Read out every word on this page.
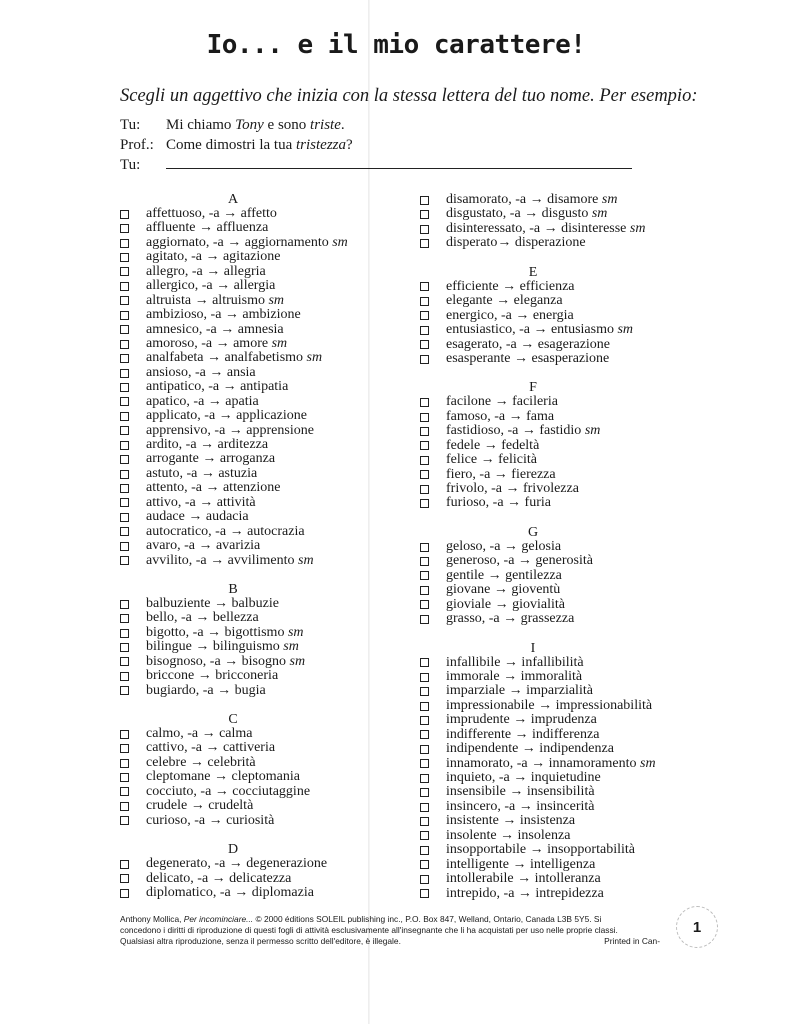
Io... e il mio carattere!
Scegli un aggettivo che inizia con la stessa lettera del tuo nome. Per esempio:
Tu:	Mi chiamo Tony e sono triste.
Prof.: Come dimostri la tua tristezza?
Tu:
A
affettuoso, -a → affetto
affluente → affluenza
aggiornato, -a → aggiornamento
sm
agitato, -a → agitazione
allegro, -a → allegria
allergico, -a → allergia
altruista → altruismo
sm
ambizioso, -a → ambizione
amnesico, -a → amnesia
amoroso, -a → amore
sm
analfabeta → analfabetismo
sm
ansioso, -a → ansia
antipatico, -a → antipatia
apatico, -a → apatia
applicato, -a → applicazione
apprensivo, -a → apprensione
ardito, -a → arditezza
arrogante → arroganza
astuto, -a → astuzia
attento, -a → attenzione
attivo, -a → attività
audace → audacia
autocratico, -a → autocrazia
avaro, -a → avarizia
avvilito, -a → avvilimento
sm
B
balbuziente → balbuzie
bello, -a → bellezza
bigotto, -a → bigottismo
sm
bilingue → bilinguismo
sm
bisognoso, -a → bisogno
sm
briccone → bricconeria
bugiardo, -a → bugia
C
calmo, -a → calma
cattivo, -a → cattiveria
celebre → celebrità
cleptomane → cleptomania
cocciuto, -a → cocciutaggine
crudele → crudeltà
curioso, -a → curiosità
D
degenerato, -a → degenerazione
delicato, -a → delicatezza
diplomatico, -a → diplomazia
disamorato, -a → disamore
sm
disgustato, -a → disgusto
sm
disinteressato, -a → disinteresse
sm
disperato→ disperazione
E
efficiente → efficienza
elegante → eleganza
energico, -a → energia
entusiastico, -a → entusiasmo
sm
esagerato, -a → esagerazione
esasperante → esasperazione
F
facilone → facileria
famoso, -a → fama
fastidioso, -a → fastidio
sm
fedele → fedeltà
felice → felicità
fiero, -a → fierezza
frivolo, -a → frivolezza
furioso, -a → furia
G
geloso, -a → gelosia
generoso, -a → generosità
gentile → gentilezza
giovane → gioventù
gioviale → giovialità
grasso, -a → grassezza
I
infallibile → infallibilità
immorale → immoralità
imparziale → imparzialità
impressionabile → impressionabilità
imprudente → imprudenza
indifferente → indifferenza
indipendente → indipendenza
innamorato, -a → innamoramento
sm
inquieto, -a → inquietudine
insensibile → insensibilità
insincero, -a → insincerità
insistente → insistenza
insolente → insolenza
insopportabile → insopportabilità
intelligente → intelligenza
intollerabile → intolleranza
intrepido, -a → intrepidezza
Anthony Mollica, Per incominciare... © 2000 éditions SOLEIL publishing inc., P.O. Box 847, Welland, Ontario, Canada L3B 5Y5. Si
concedono i diritti di riproduzione di questi fogli di attività esclusivamente all'insegnante che li ha acquistati per uso nelle proprie classi.
Qualsiasi altra riproduzione, senza il permesso scritto dell'editore, è illegale.	Printed in Can-
1
